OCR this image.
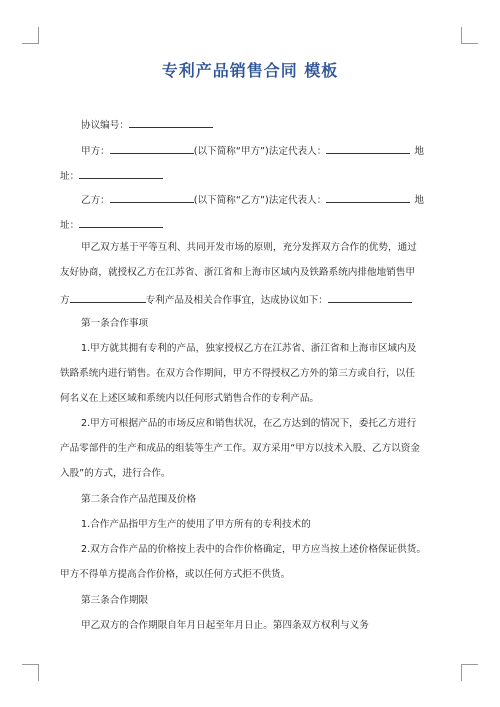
专利产品销售合同 模板
协议编号：
甲方：	(以下简称“甲方”)法定代表人：	地
址：
乙方：	(以下简称“乙方”)法定代表人：	地
址：
甲乙双方基于平等互利、共同开发市场的原则，充分发挥双方合作的优势，通过
友好协商，就授权乙方在江苏省、浙江省和上海市区域内及铁路系统内排他地销售甲
方	专利产品及相关合作事宜，达成协议如下：
第一条合作事项
1.甲方就其拥有专利的产品，独家授权乙方在江苏省、浙江省和上海市区域内及
铁路系统内进行销售。在双方合作期间，甲方不得授权乙方外的第三方或自行，以任
何名义在上述区域和系统内以任何形式销售合作的专利产品。
2.甲方可根据产品的市场反应和销售状况，在乙方达到的情况下，委托乙方进行
产品零部件的生产和成品的组装等生产工作。双方采用“甲方以技术入股、乙方以资金
入股”的方式，进行合作。
第二条合作产品范围及价格
1.合作产品指甲方生产的使用了甲方所有的专利技术的
2.双方合作产品的价格按上表中的合作价格确定，甲方应当按上述价格保证供货。
甲方不得单方提高合作价格，或以任何方式拒不供货。
第三条合作期限
甲乙双方的合作期限自年月日起至年月日止。第四条双方权利与义务
